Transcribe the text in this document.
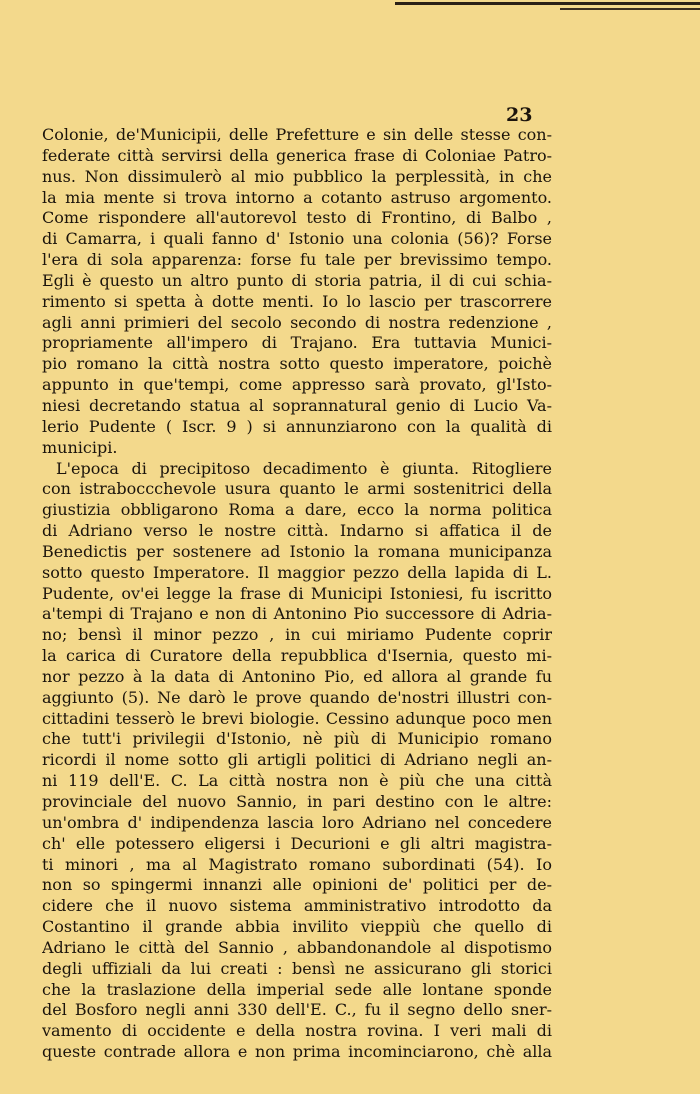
23
Colonie, de'Municipii, delle Prefetture e sin delle stesse con-
federate città servirsi della generica frase di Coloniae Patro-
nus. Non dissimulerò al mio pubblico la perplessità, in che
la mia mente si trova intorno a cotanto astruso argomento.
Come rispondere all'autorevol testo di Frontino, di Balbo ,
di Camarra, i quali fanno d' Istonio una colonia (56)? Forse
l'era di sola apparenza: forse fu tale per brevissimo tempo.
Egli è questo un altro punto di storia patria, il di cui schia-
rimento si spetta à dotte menti. Io lo lascio per trascorrere
agli anni primieri del secolo secondo di nostra redenzione ,
propriamente all'impero di Trajano. Era tuttavia Munici-
pio romano la città nostra sotto questo imperatore, poichè
appunto in que'tempi, come appresso sarà provato, gl'Isto-
niesi decretando statua al soprannatural genio di Lucio Va-
lerio Pudente ( Iscr. 9 ) si annunziarono con la qualità di
municipi.
L'epoca di precipitoso decadimento è giunta. Ritogliere
con istraboccchevole usura quanto le armi sostenitrici della
giustizia obbligarono Roma a dare, ecco la norma politica
di Adriano verso le nostre città. Indarno si affatica il de
Benedictis per sostenere ad Istonio la romana municipanza
sotto questo Imperatore. Il maggior pezzo della lapida di L.
Pudente, ov'ei legge la frase di Municipi Istoniesi, fu iscritto
a'tempi di Trajano e non di Antonino Pio successore di Adria-
no; bensì il minor pezzo , in cui miriamo Pudente coprir
la carica di Curatore della repubblica d'Isernia, questo mi-
nor pezzo à la data di Antonino Pio, ed allora al grande fu
aggiunto (5). Ne darò le prove quando de'nostri illustri con-
cittadini tesserò le brevi biologie. Cessino adunque poco men
che tutt'i privilegii d'Istonio, nè più di Municipio romano
ricordi il nome sotto gli artigli politici di Adriano negli an-
ni 119 dell'E. C. La città nostra non è più che una città
provinciale del nuovo Sannio, in pari destino con le altre:
un'ombra d' indipendenza lascia loro Adriano nel concedere
ch' elle potessero eligersi i Decurioni e gli altri magistra-
ti minori , ma al Magistrato romano subordinati (54). Io
non so spingermi innanzi alle opinioni de' politici per de-
cidere che il nuovo sistema amministrativo introdotto da
Costantino il grande abbia invilito vieppiù che quello di
Adriano le città del Sannio , abbandonandole al dispotismo
degli uffiziali da lui creati : bensì ne assicurano gli storici
che la traslazione della imperial sede alle lontane sponde
del Bosforo negli anni 330 dell'E. C., fu il segno dello sner-
vamento di occidente e della nostra rovina. I veri mali di
queste contrade allora e non prima incominciarono, chè alla
